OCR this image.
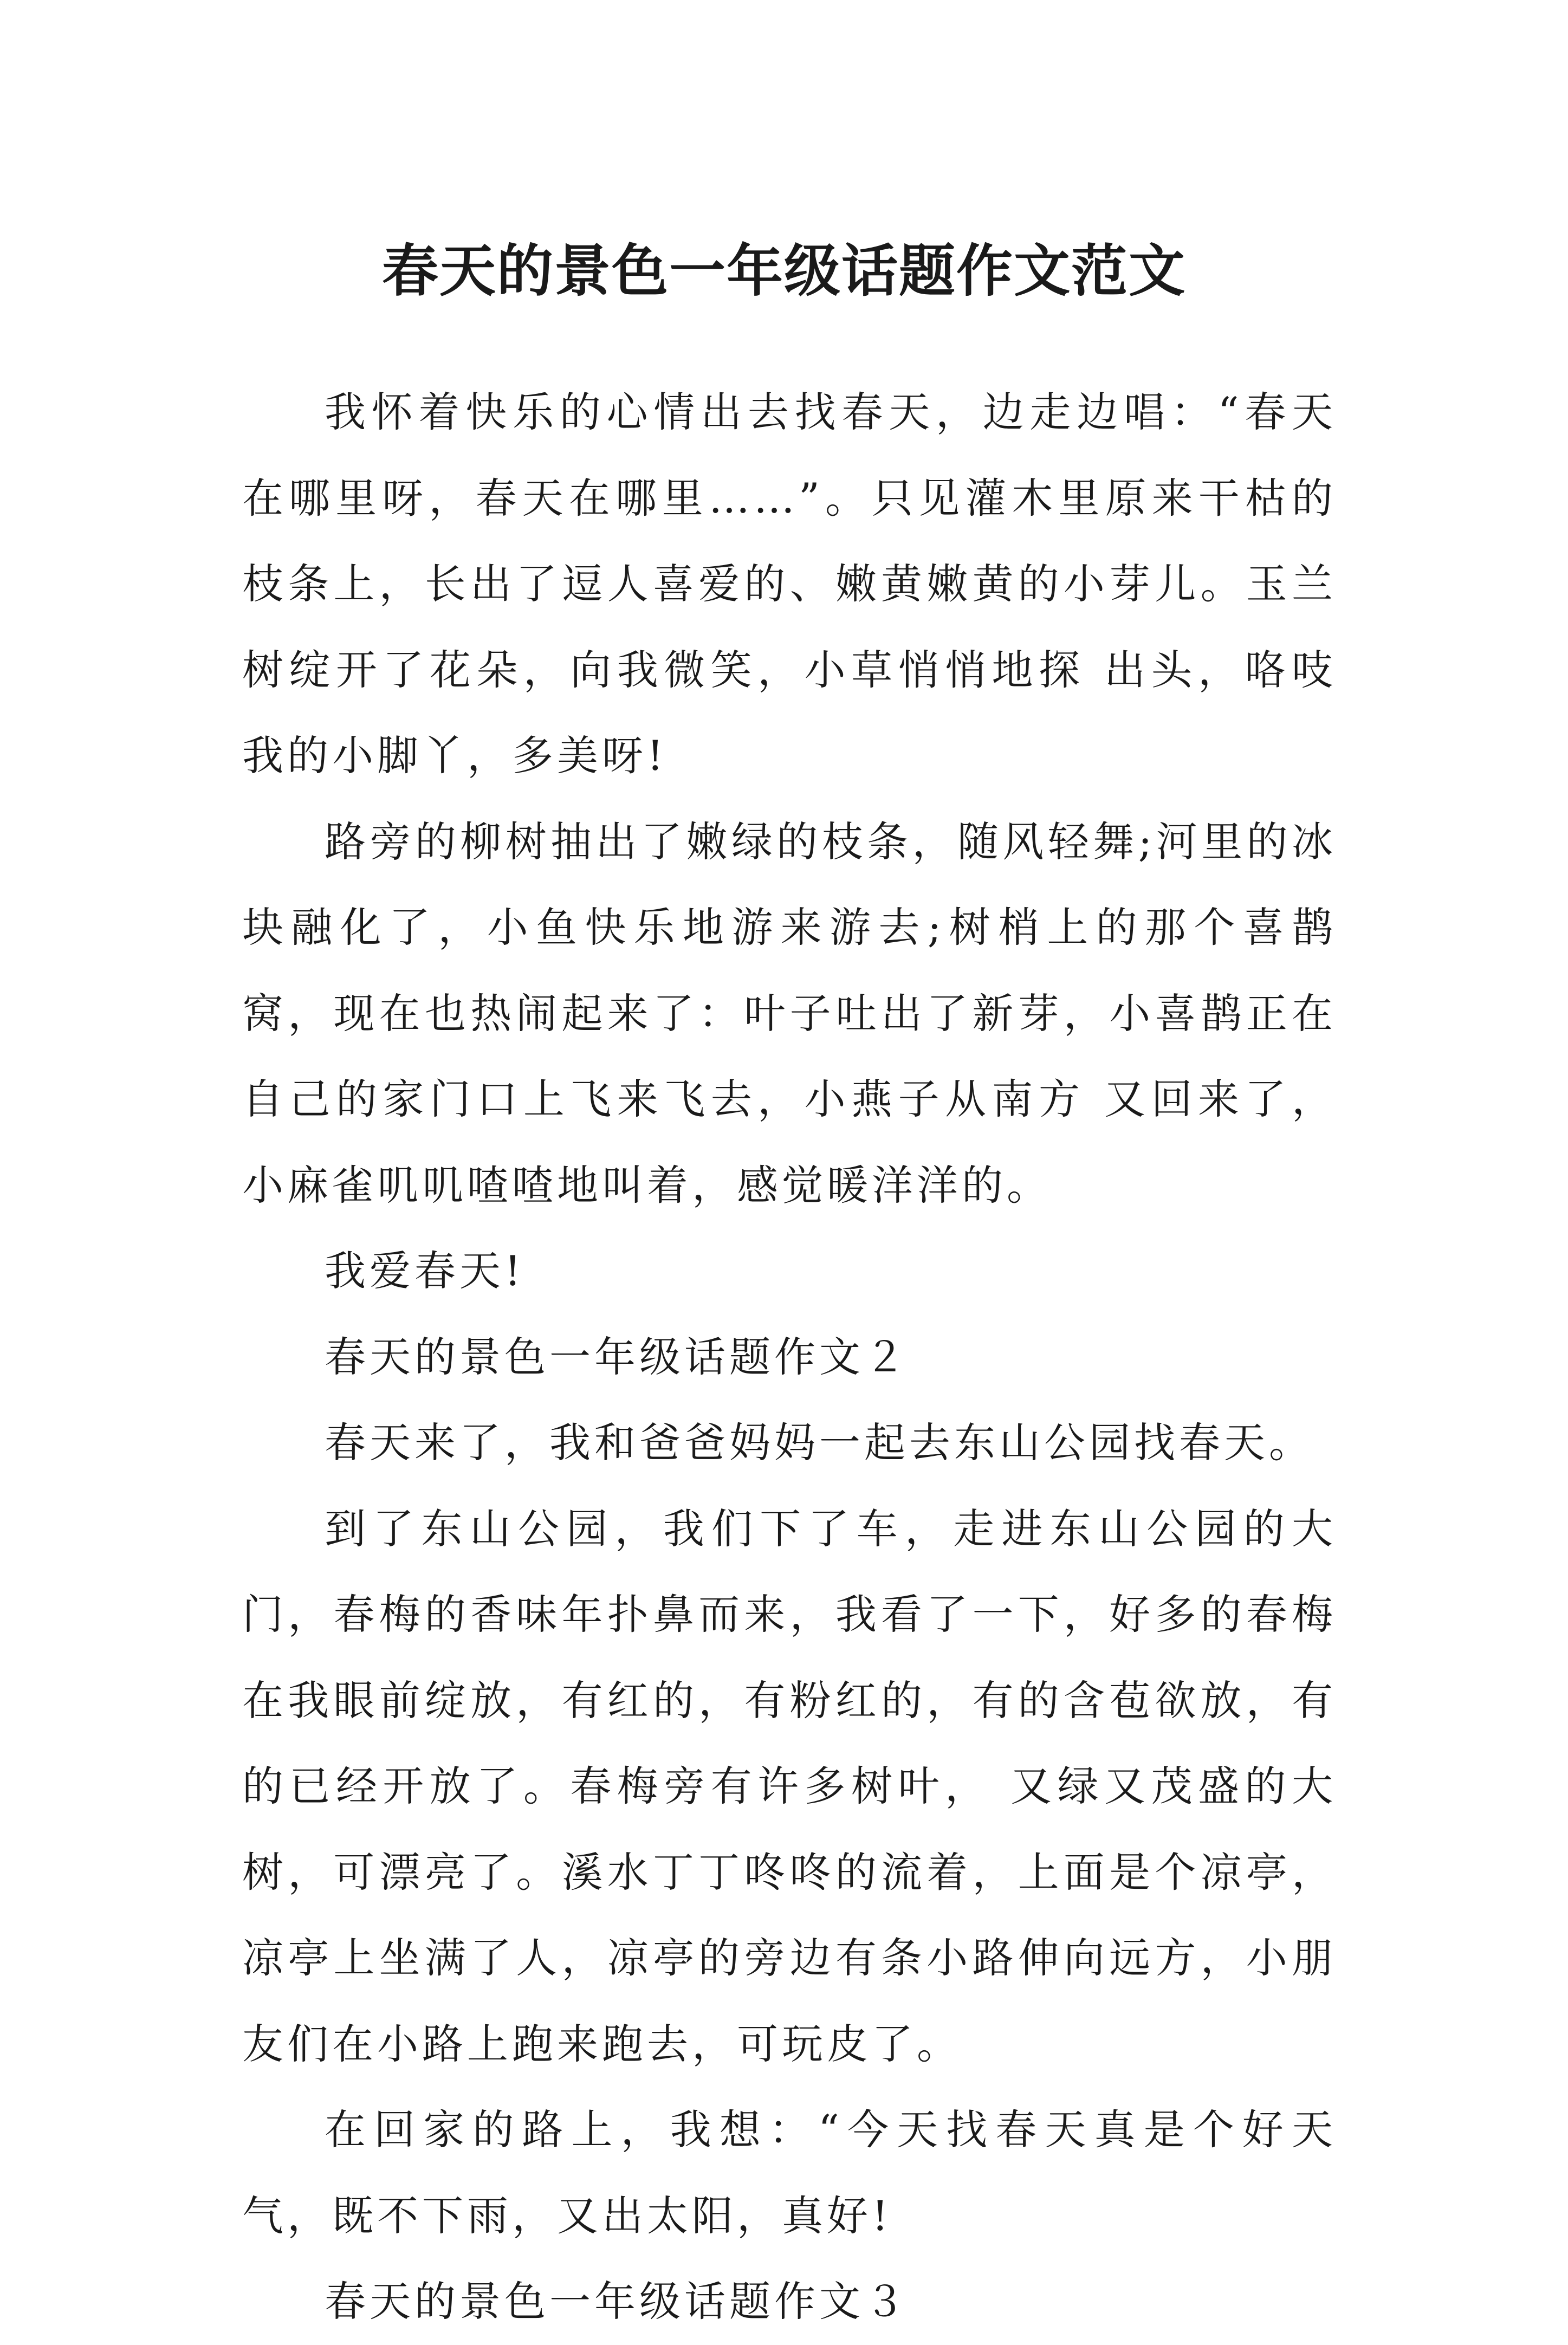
春天的景色一年级话题作文范文

我怀着快乐的心情出去找春天，边走边唱：“春天在哪里呀，春天在哪里……”。只见灌木里原来干枯的枝条上，长出了逗人喜爱的、嫩黄嫩黄的小芽儿。玉兰树绽开了花朵，向我微笑，小草悄悄地探 出头，咯吱我的小脚丫，多美呀!

路旁的柳树抽出了嫩绿的枝条，随风轻舞;河里的冰块融化了，小鱼快乐地游来游去;树梢上的那个喜鹊窝，现在也热闹起来了：叶子吐出了新芽，小喜鹊正在自己的家门口上飞来飞去，小燕子从南方 又回来了，小麻雀叽叽喳喳地叫着，感觉暖洋洋的。

我爱春天!

春天的景色一年级话题作文２

春天来了，我和爸爸妈妈一起去东山公园找春天。

到了东山公园，我们下了车，走进东山公园的大门，春梅的香味年扑鼻而来，我看了一下，好多的春梅在我眼前绽放，有红的，有粉红的，有的含苞欲放，有的已经开放了。春梅旁有许多树叶， 又绿又茂盛的大树，可漂亮了。溪水丁丁咚咚的流着，上面是个凉亭，凉亭上坐满了人，凉亭的旁边有条小路伸向远方，小朋友们在小路上跑来跑去，可玩皮了。

在回家的路上，我想：“今天找春天真是个好天气，既不下雨，又出太阳，真好!

春天的景色一年级话题作文３
